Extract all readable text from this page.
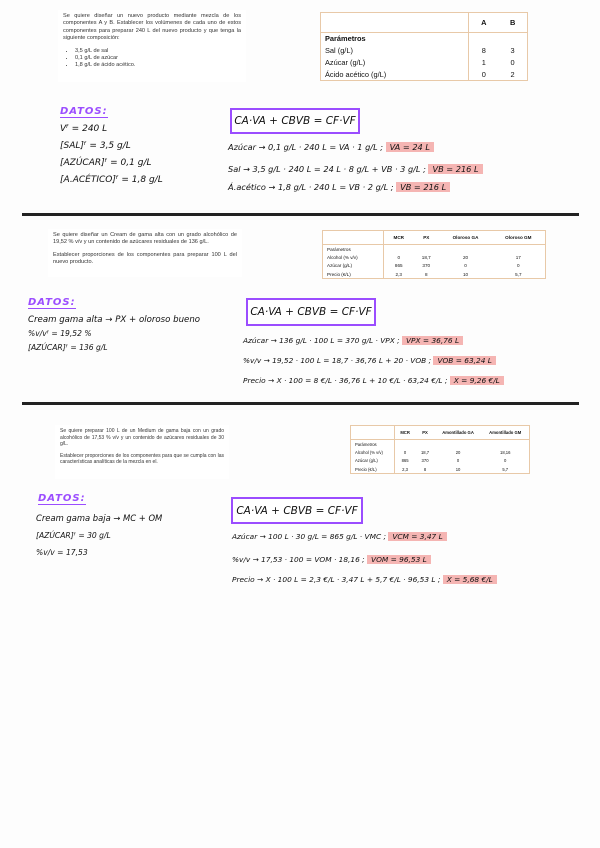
Se quiere diseñar un nuevo producto mediante mezcla de los componentes A y B. Establecer los volúmenes de cada uno de estos componentes para preparar 240 L del nuevo producto y que tenga la siguiente composición:

• 3,5 g/L de sal
• 0,1 g/L de azúcar
• 1,8 g/L de ácido acético.
	A	B
Parámetros		
Sal (g/L)	8	3
Azúcar (g/L)	1	0
Ácido acético (g/L)	0	2
DATOS:
Vᶠ = 240 L
[SAL]ᶠ = 3,5 g/L
[AZÚCAR]ᶠ = 0,1 g/L
[A.ACÉTICO]ᶠ = 1,8 g/L
CA·VA + CBVB = CF·VF
Azúcar → 0,1 g/L · 240 L = VA · 1 g/L ; VA = 24 L
Sal → 3,5 g/L · 240 L = 24 L · 8 g/L + VB · 3 g/L ; VB = 216 L
Á.acético → 1,8 g/L · 240 L = VB · 2 g/L ; VB = 216 L

Se quiere diseñar un Cream de gama alta con un grado alcohólico de 19,52 % v/v y un contenido de azúcares residuales de 136 g/L.

Establecer proporciones de los componentes para preparar 100 L del nuevo producto.

	MCR	PX	Oloroso GA	Oloroso GM
Parámetros				
Alcohol (% v/v)	0	18,7	20	17
Azúcar (g/L)	865	370	0	0
Precio (€/L)	2,3	8	10	5,7
DATOS:
Cream gama alta → PX + oloroso bueno
%v/vᶠ = 19,52 %
[AZÚCAR]ᶠ = 136 g/L
CA·VA + CBVB = CF·VF
Azúcar → 136 g/L · 100 L = 370 g/L · VPX ; VPX = 36,76 L
%v/v → 19,52 · 100 L = 18,7 · 36,76 L + 20 · VOB ; VOB = 63,24 L
Precio → X · 100 = 8 €/L · 36,76 L + 10 €/L · 63,24 €/L ; X = 9,26 €/L

Se quiere preparar 100 L de un Medium de gama baja con un grado alcohólico de 17,53 % v/v y un contenido de azúcares residuales de 30 g/L.

Establecer proporciones de los componentes para que se cumpla con las características analíticas de la mezcla en el.

	MCR	PX	Amontillado GA	Amontillado GM
Parámetros				
Alcohol (% v/v)	0	18,7	20	18,16
Azúcar (g/L)	865	370	0	0
Precio (€/L)	2,3	8	10	5,7
DATOS:
Cream gama baja → MC + OM
[AZÚCAR]ᶠ = 30 g/L
%v/v = 17,53
CA·VA + CBVB = CF·VF
Azúcar → 100 L · 30 g/L = 865 g/L · VMC ; VCM = 3,47 L
%v/v → 17,53 · 100 = VOM · 18,16 ; VOM = 96,53 L
Precio → X · 100 L = 2,3 €/L · 3,47 L + 5,7 €/L · 96,53 L ; X = 5,68 €/L
